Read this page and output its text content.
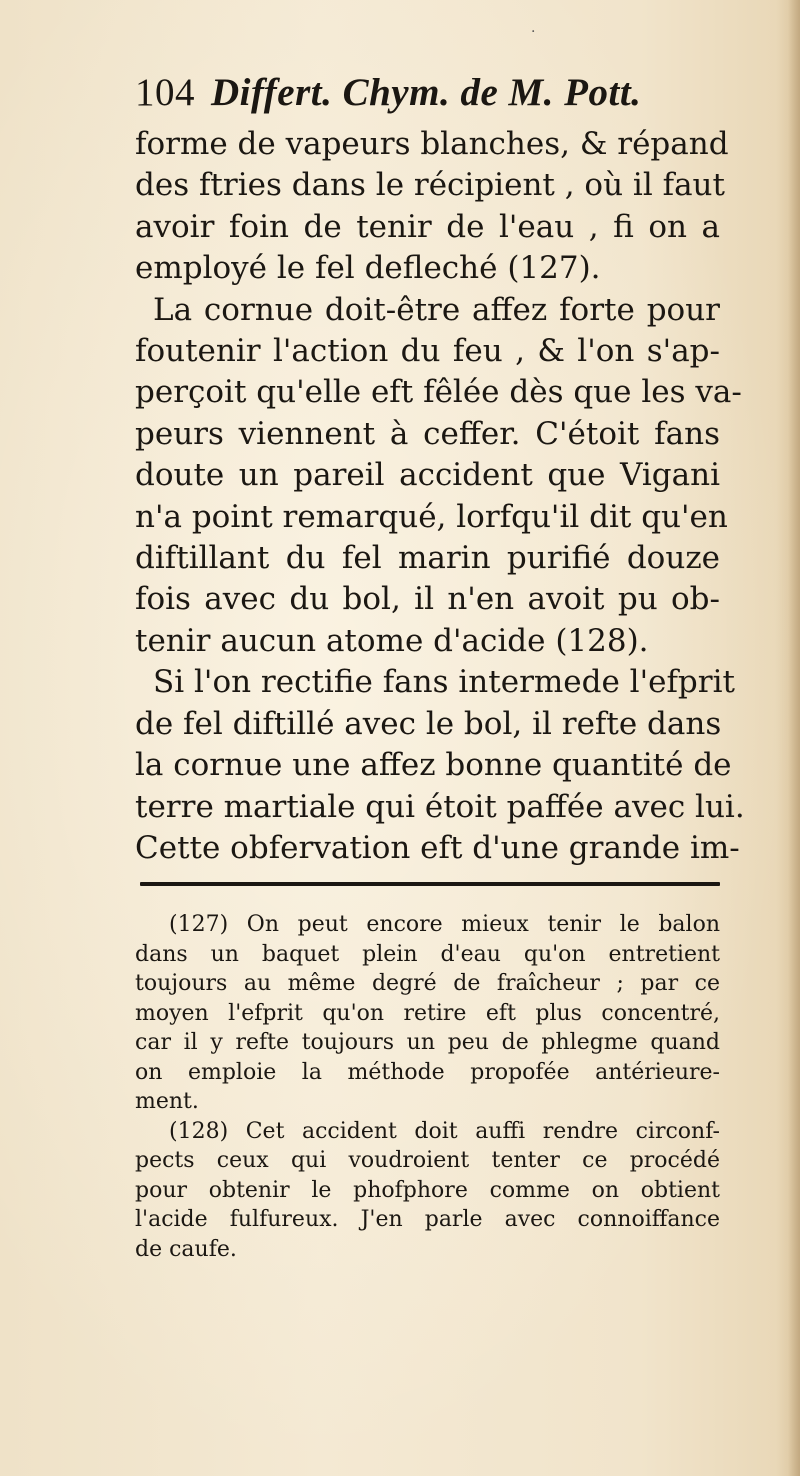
·
104 Differt. Chym. de M. Pott.
forme de vapeurs blanches, & répand
des ftries dans le récipient , où il faut
avoir foin de tenir de l'eau , fi on a
employé le fel defleché (127).
La cornue doit-être affez forte pour
foutenir l'action du feu , & l'on s'ap-
perçoit qu'elle eft fêlée dès que les va-
peurs viennent à ceffer. C'étoit fans
doute un pareil accident que Vigani
n'a point remarqué, lorfqu'il dit qu'en
diftillant du fel marin purifié douze
fois avec du bol, il n'en avoit pu ob-
tenir aucun atome d'acide (128).
Si l'on rectifie fans intermede l'efprit
de fel diftillé avec le bol, il refte dans
la cornue une affez bonne quantité de
terre martiale qui étoit paffée avec lui.
Cette obfervation eft d'une grande im-
(127) On peut encore mieux tenir le balon
dans un baquet plein d'eau qu'on entretient
toujours au même degré de fraîcheur ; par ce
moyen l'efprit qu'on retire eft plus concentré,
car il y refte toujours un peu de phlegme quand
on emploie la méthode propofée antérieure-
ment.
(128) Cet accident doit auffi rendre circonf-
pects ceux qui voudroient tenter ce procédé
pour obtenir le phofphore comme on obtient
l'acide fulfureux. J'en parle avec connoiffance
de caufe.
